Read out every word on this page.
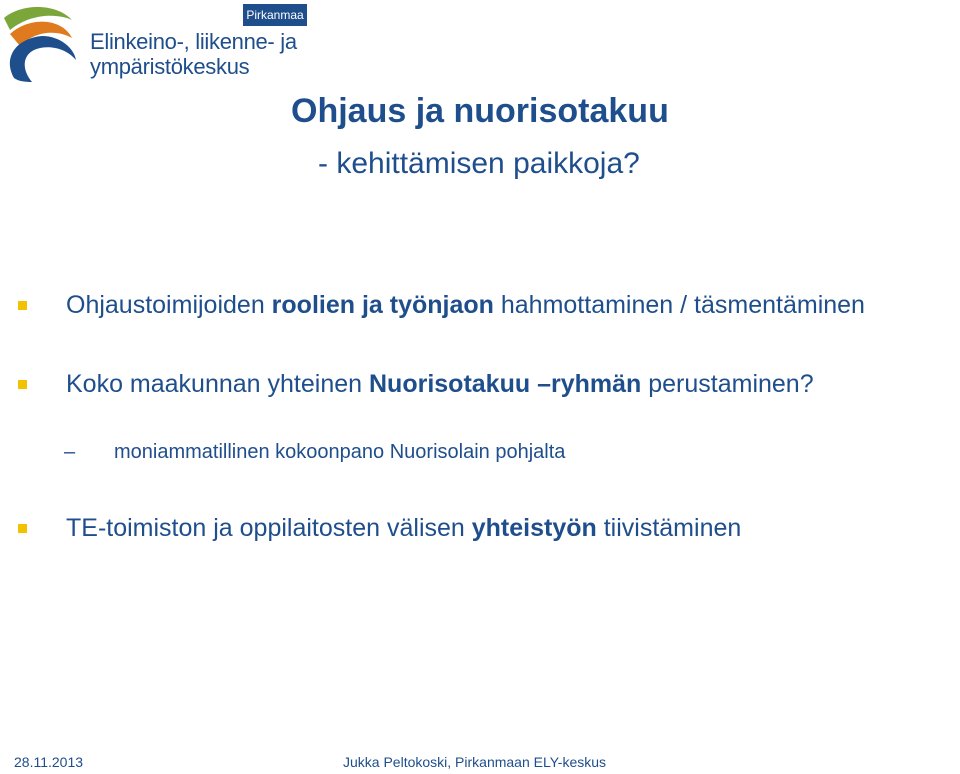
Pirkanmaa
Elinkeino-, liikenne- ja
ympäristökeskus
Ohjaus ja nuorisotakuu
- kehittämisen paikkoja?
Ohjaustoimijoiden roolien ja työnjaon hahmottaminen / täsmentäminen
Koko maakunnan yhteinen Nuorisotakuu –ryhmän perustaminen?
– moniammatillinen kokoonpano Nuorisolain pohjalta
TE-toimiston ja oppilaitosten välisen yhteistyön tiivistäminen
28.11.2013	Jukka Peltokoski, Pirkanmaan ELY-keskus
